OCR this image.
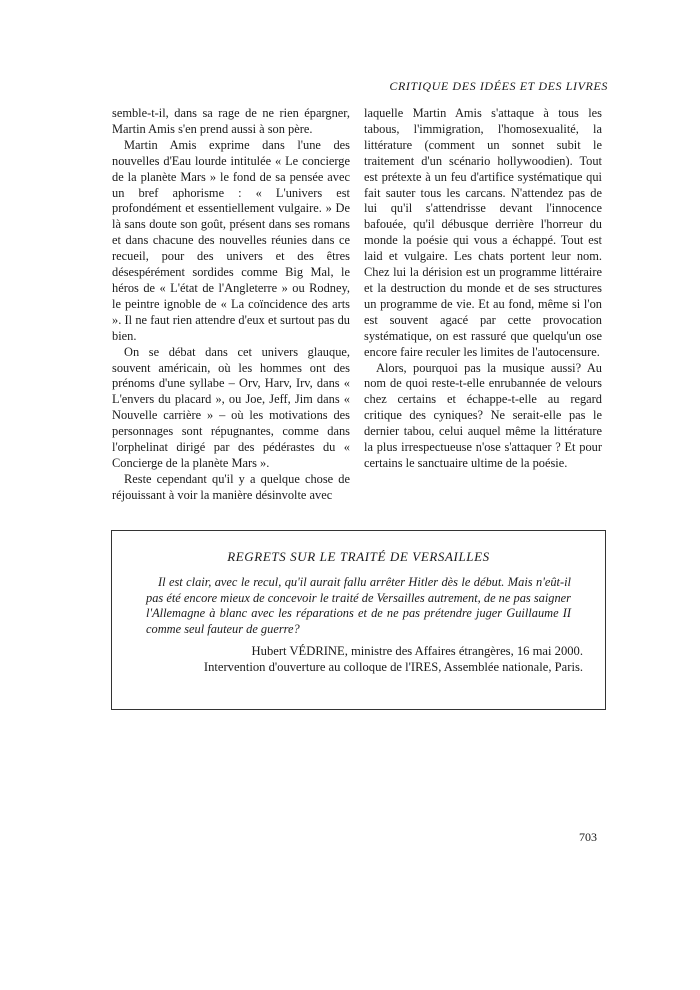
CRITIQUE DES IDÉES ET DES LIVRES

semble-t-il, dans sa rage de ne rien épargner, Martin Amis s'en prend aussi à son père.

Martin Amis exprime dans l'une des nouvelles d'Eau lourde intitulée « Le concierge de la planète Mars » le fond de sa pensée avec un bref aphorisme : « L'univers est profondément et essentiellement vulgaire. » De là sans doute son goût, présent dans ses romans et dans chacune des nouvelles réunies dans ce recueil, pour des univers et des êtres désespérément sordides comme Big Mal, le héros de « L'état de l'Angleterre » ou Rodney, le peintre ignoble de « La coïncidence des arts ». Il ne faut rien attendre d'eux et surtout pas du bien.

On se débat dans cet univers glauque, souvent américain, où les hommes ont des prénoms d'une syllabe – Orv, Harv, Irv, dans « L'envers du placard », ou Joe, Jeff, Jim dans « Nouvelle carrière » – où les motivations des personnages sont répugnantes, comme dans l'orphelinat dirigé par des pédérastes du « Concierge de la planète Mars ».

Reste cependant qu'il y a quelque chose de réjouissant à voir la manière désinvolte avec

laquelle Martin Amis s'attaque à tous les tabous, l'immigration, l'homosexualité, la littérature (comment un sonnet subit le traitement d'un scénario hollywoodien). Tout est prétexte à un feu d'artifice systématique qui fait sauter tous les carcans. N'attendez pas de lui qu'il s'attendrisse devant l'innocence bafouée, qu'il débusque derrière l'horreur du monde la poésie qui vous a échappé. Tout est laid et vulgaire. Les chats portent leur nom. Chez lui la dérision est un programme littéraire et la destruction du monde et de ses structures un programme de vie. Et au fond, même si l'on est souvent agacé par cette provocation systématique, on est rassuré que quelqu'un ose encore faire reculer les limites de l'autocensure.

Alors, pourquoi pas la musique aussi? Au nom de quoi reste-t-elle enrubannée de velours chez certains et échappe-t-elle au regard critique des cyniques? Ne serait-elle pas le dernier tabou, celui auquel même la littérature la plus irrespectueuse n'ose s'attaquer ? Et pour certains le sanctuaire ultime de la poésie.

REGRETS SUR LE TRAITÉ DE VERSAILLES
Il est clair, avec le recul, qu'il aurait fallu arrêter Hitler dès le début. Mais n'eût-il pas été encore mieux de concevoir le traité de Versailles autrement, de ne pas saigner l'Allemagne à blanc avec les réparations et de ne pas prétendre juger Guillaume II comme seul fauteur de guerre?
Hubert VÉDRINE, ministre des Affaires étrangères, 16 mai 2000.
Intervention d'ouverture au colloque de l'IRES, Assemblée nationale, Paris.
703
